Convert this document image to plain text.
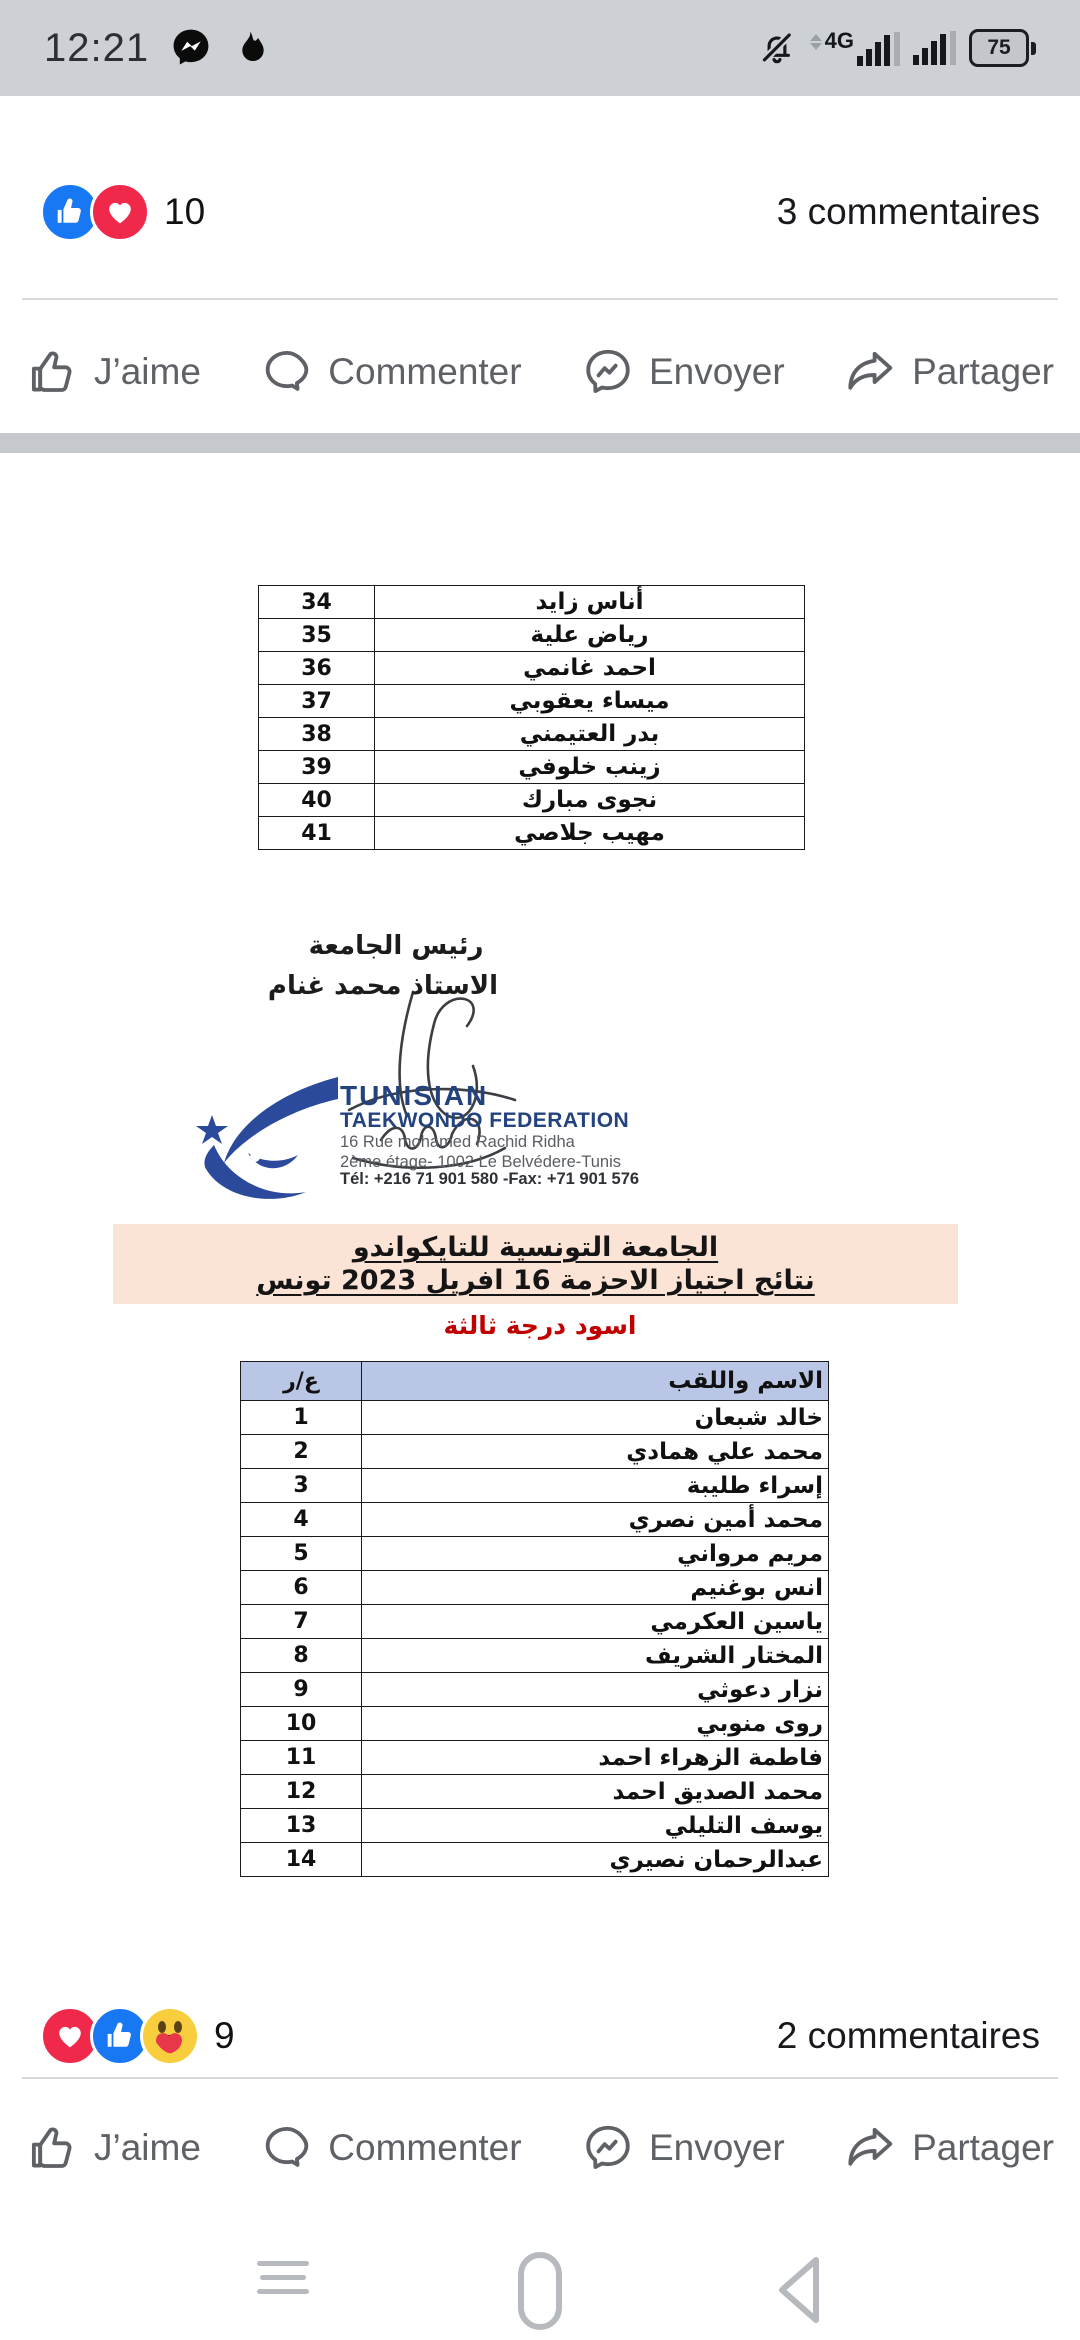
12:21	4G	75
10	3 commentaires
J’aime	Commenter	Envoyer	Partager
أناس زايد	34
رياض علية	35
احمد غانمي	36
ميساء يعقوبي	37
بدر العتيمني	38
زينب خلوفي	39
نجوى مبارك	40
مهيب جلاصي	41
رئيس الجامعة
الاستاذ محمد غنام
TUNISIAN
TAEKWONDO FEDERATION
16 Rue mohamed Rachid Ridha
2ème étage- 1002 Le Belvédere-Tunis
Tél: +216 71 901 580 -Fax: +71 901 576
الجامعة التونسية للتايكواندو
نتائج اجتياز الاحزمة 16 افريل 2023 تونس
اسود درجة ثالثة
الاسم واللقب	ع/ر
خالد شبعان	1
محمد علي همادي	2
إسراء طليبة	3
محمد أمين نصري	4
مريم مرواني	5
انس بوغنيم	6
ياسين العكرمي	7
المختار الشريف	8
نزار دعوثي	9
روى منوبي	10
فاطمة الزهراء احمد	11
محمد الصديق احمد	12
يوسف التليلي	13
عبدالرحمان نصيري	14
9	2 commentaires
J’aime	Commenter	Envoyer	Partager
